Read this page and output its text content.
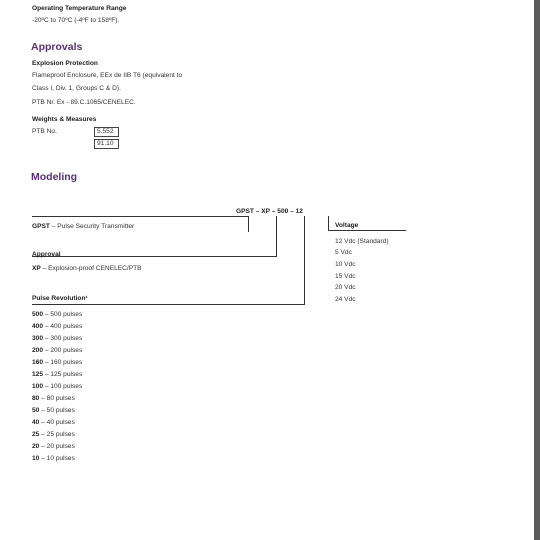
Operating Temperature Range
-20ºC to 70ºC (-4ºF to 158ºF).
Approvals
Explosion Protection
Flameproof Enclosure, EEx de IIB T6 (equivalent to
Class I, Div. 1, Groups C & D).
PTB Nr. Ex - 89.C.1065/CENELEC.
Weights & Measures
PTB No.	5.552
91.10
Modeling
GPST – XP – 500 – 12
GPST – Pulse Security Transmitter
Approval
XP – Explosion-proof CENELEC/PTB
Pulse Revolution¹
500 – 500 pulses
400 – 400 pulses
300 – 300 pulses
200 – 200 pulses
160 – 160 pulses
125 – 125 pulses
100 – 100 pulses
80 – 80 pulses
50 – 50 pulses
40 – 40 pulses
25 – 25 pulses
20 – 20 pulses
10 – 10 pulses
Voltage
12 Vdc (Standard)
5 Vdc
10 Vdc
15 Vdc
20 Vdc
24 Vdc
